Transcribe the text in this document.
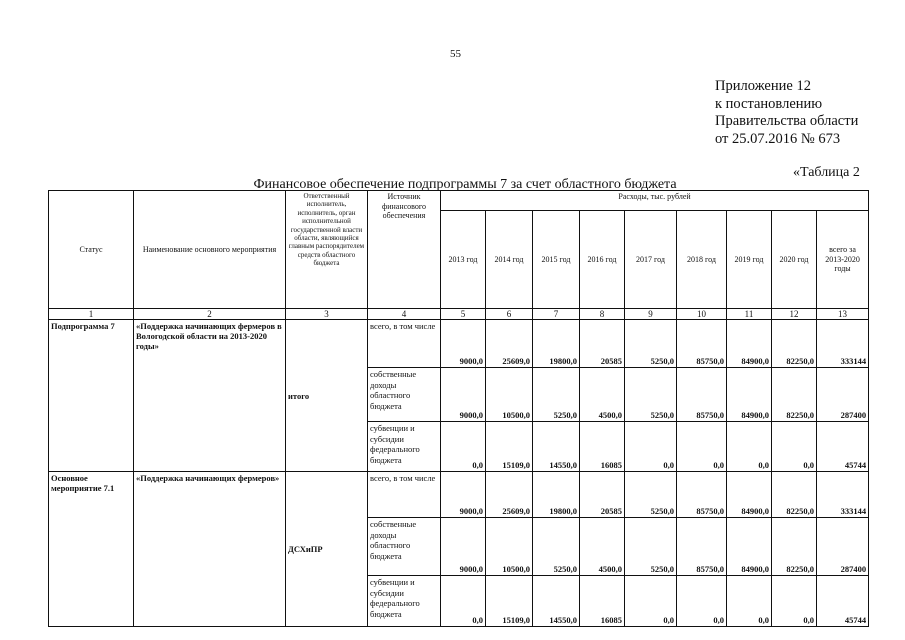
55
Приложение 12
к постановлению
Правительства области
от 25.07.2016 № 673
«Таблица 2
Финансовое обеспечение подпрограммы 7 за счет областного бюджета
Статус	Наименование основного мероприятия	Ответственный исполнитель, исполнитель, орган исполнительной государственной власти области, являющийся главным распорядителем средств областного бюджета	Источник финансового обеспечения	Расходы, тыс. рублей								
				2013 год	2014 год	2015 год	2016 год	2017 год	2018 год	2019 год	2020 год	всего за 2013-2020 годы
1	2	3	4	5	6	7	8	9	10	11	12	13
Подпрограмма 7	«Поддержка начинающих фермеров в Вологодской области на 2013-2020 годы»	итого	всего, в том числе	9000,0	25609,0	19800,0	20585	5250,0	85750,0	84900,0	82250,0	333144
			собственные доходы областного бюджета	9000,0	10500,0	5250,0	4500,0	5250,0	85750,0	84900,0	82250,0	287400
			субвенции и субсидии федерального бюджета	0,0	15109,0	14550,0	16085	0,0	0,0	0,0	0,0	45744
Основное мероприятие 7.1	«Поддержка начинающих фермеров»	ДСХиПР	всего, в том числе	9000,0	25609,0	19800,0	20585	5250,0	85750,0	84900,0	82250,0	333144
			собственные доходы областного бюджета	9000,0	10500,0	5250,0	4500,0	5250,0	85750,0	84900,0	82250,0	287400
			субвенции и субсидии федерального бюджета	0,0	15109,0	14550,0	16085	0,0	0,0	0,0	0,0	45744
